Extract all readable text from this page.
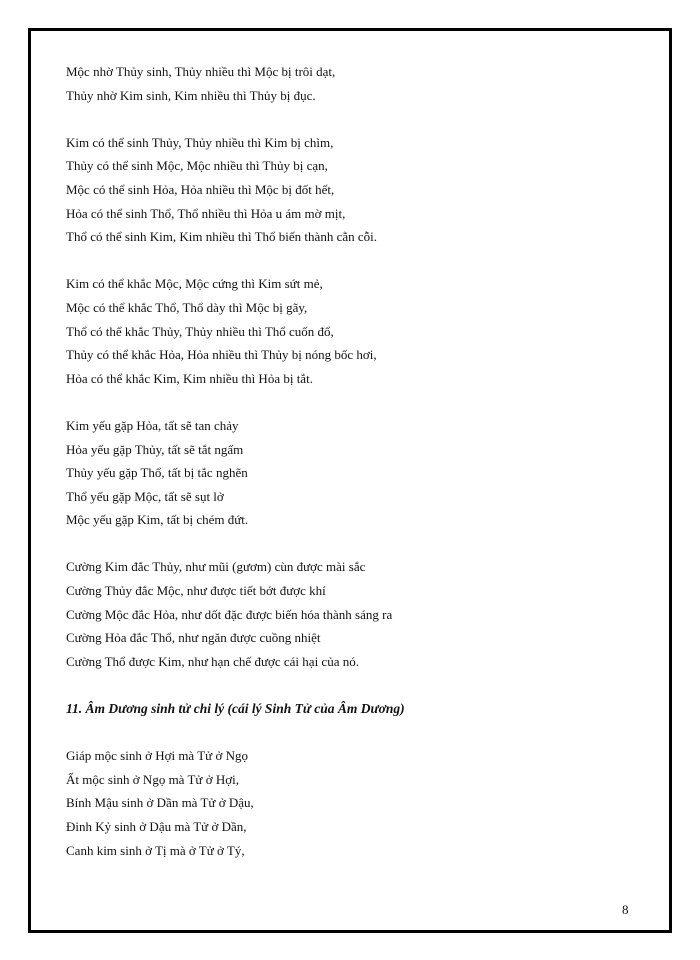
Mộc nhờ Thủy sinh, Thủy nhiều thì Mộc bị trôi dạt,
Thủy nhờ Kim sinh, Kim nhiều thì Thủy bị đục.
Kim có thể sinh Thủy, Thủy nhiều thì Kim bị chìm,
Thủy có thể sinh Mộc, Mộc nhiều thì Thủy bị cạn,
Mộc có thể sinh Hỏa, Hỏa nhiều thì Mộc bị đốt hết,
Hỏa có thể sinh Thổ, Thổ nhiều thì Hỏa u ám mờ mịt,
Thổ có thể sinh Kim, Kim nhiều thì Thổ biến thành cằn cỗi.
Kim có thể khắc Mộc, Mộc cứng thì Kim sứt mẻ,
Mộc có thể khắc Thổ, Thổ dày thì Mộc bị gãy,
Thổ có thể khắc Thủy, Thủy nhiều thì Thổ cuốn đổ,
Thủy có thể khắc Hỏa, Hỏa nhiều thì Thủy bị nóng bốc hơi,
Hỏa có thể khắc Kim, Kim nhiều thì Hỏa bị tắt.
Kim yếu gặp Hỏa, tất sẽ tan chảy
Hỏa yếu gặp Thủy, tất sẽ tắt ngấm
Thủy yếu gặp Thổ, tất bị tắc nghẽn
Thổ yếu gặp Mộc, tất sẽ sụt lở
Mộc yếu gặp Kim, tất bị chém đứt.
Cường Kim đắc Thủy, như mũi (gươm) cùn được mài sắc
Cường Thủy đắc Mộc, như được tiết bớt được khí
Cường Mộc đắc Hỏa, như dốt đặc được biến hóa thành sáng ra
Cường Hỏa đắc Thổ, như ngăn được cuồng nhiệt
Cường Thổ được Kim, như hạn chế được cái hại của nó.
11. Âm Dương sinh tử chi lý (cái lý Sinh Tử của Âm Dương)
Giáp mộc sinh ở Hợi mà Tử ở Ngọ
Ất mộc sinh ở Ngọ mà Tử ở Hợi,
Bính Mậu sinh ở Dần mà Tử ở Dậu,
Đinh Kỷ sinh ở Dậu mà Tử ở Dần,
Canh kim sinh ở Tị mà ở Tử ở Tý,
8
